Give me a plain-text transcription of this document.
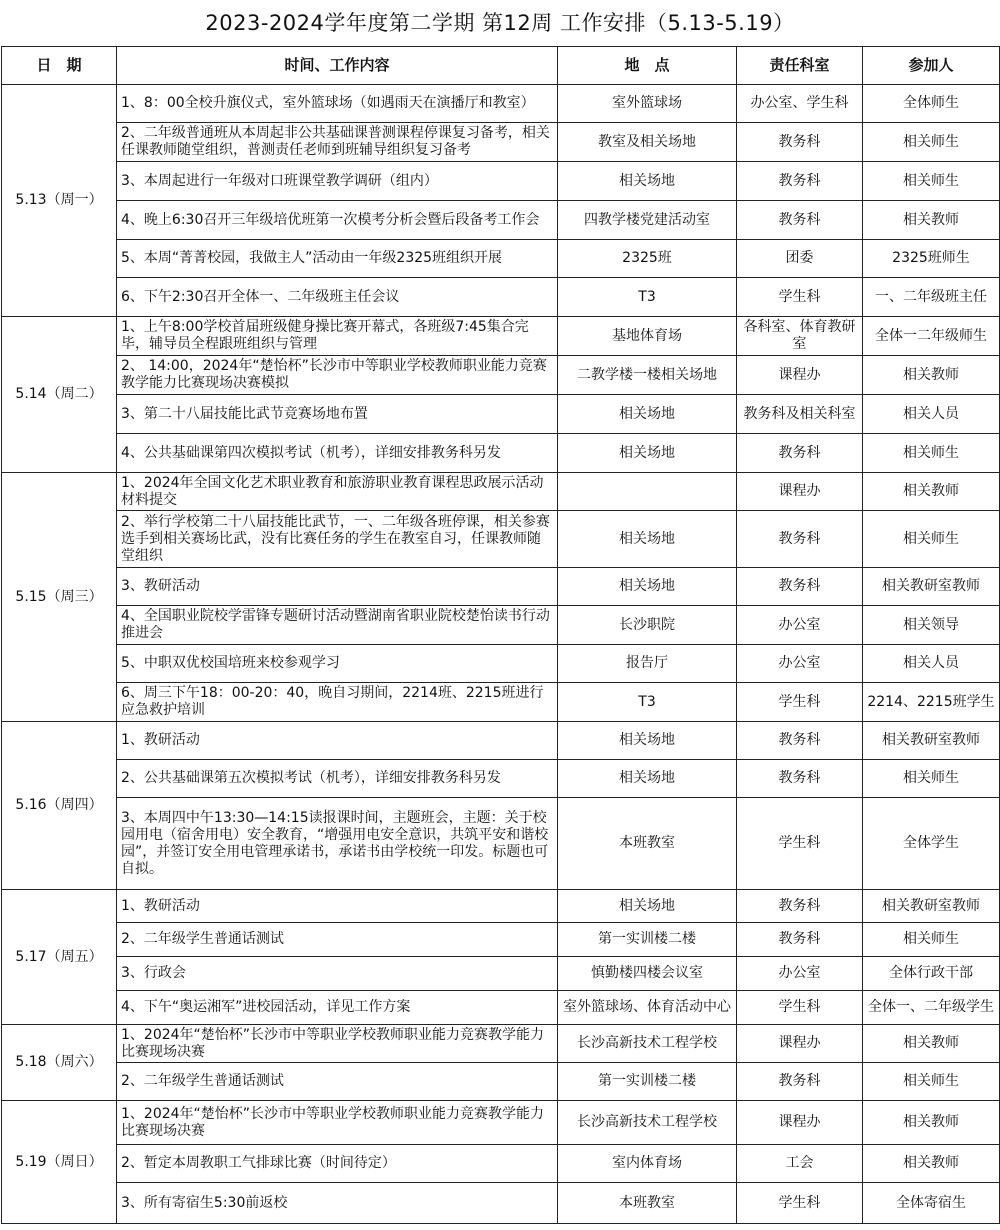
2023-2024学年度第二学期 第12周 工作安排（5.13-5.19）
日　期	时间、工作内容	地　点	责任科室	参加人
5.13（周一）	1、8：00全校升旗仪式，室外篮球场（如遇雨天在演播厅和教室）	室外篮球场	办公室、学生科	全体师生
	2、二年级普通班从本周起非公共基础课普测课程停课复习备考，相关任课教师随堂组织，普测责任老师到班辅导组织复习备考	教室及相关场地	教务科	相关师生
	3、本周起进行一年级对口班课堂教学调研（组内）	相关场地	教务科	相关师生
	4、晚上6:30召开三年级培优班第一次模考分析会暨后段备考工作会	四教学楼党建活动室	教务科	相关教师
	5、本周“菁菁校园，我做主人”活动由一年级2325班组织开展	2325班	团委	2325班师生
	6、下午2:30召开全体一、二年级班主任会议	T3	学生科	一、二年级班主任
5.14（周二）	1、上午8:00学校首届班级健身操比赛开幕式，各班级7:45集合完毕，辅导员全程跟班组织与管理	基地体育场	各科室、体育教研室	全体一二年级师生
	2、 14:00，2024年“楚怡杯”长沙市中等职业学校教师职业能力竞赛教学能力比赛现场决赛模拟	二教学楼一楼相关场地	课程办	相关教师
	3、第二十八届技能比武节竞赛场地布置	相关场地	教务科及相关科室	相关人员
	4、公共基础课第四次模拟考试（机考），详细安排教务科另发	相关场地	教务科	相关师生
5.15（周三）	1、2024年全国文化艺术职业教育和旅游职业教育课程思政展示活动材料提交		课程办	相关教师
	2、举行学校第二十八届技能比武节，一、二年级各班停课，相关参赛选手到相关赛场比武，没有比赛任务的学生在教室自习，任课教师随堂组织	相关场地	教务科	相关师生
	3、教研活动	相关场地	教务科	相关教研室教师
	4、全国职业院校学雷锋专题研讨活动暨湖南省职业院校楚怡读书行动推进会	长沙职院	办公室	相关领导
	5、中职双优校国培班来校参观学习	报告厅	办公室	相关人员
	6、周三下午18：00-20：40，晚自习期间，2214班、2215班进行应急救护培训	T3	学生科	2214、2215班学生
5.16（周四）	1、教研活动	相关场地	教务科	相关教研室教师
	2、公共基础课第五次模拟考试（机考），详细安排教务科另发	相关场地	教务科	相关师生
	3、本周四中午13:30—14:15读报课时间，主题班会，主题：关于校园用电（宿舍用电）安全教育，“增强用电安全意识，共筑平安和谐校园”，并签订安全用电管理承诺书，承诺书由学校统一印发。标题也可自拟。	本班教室	学生科	全体学生
5.17（周五）	1、教研活动	相关场地	教务科	相关教研室教师
	2、二年级学生普通话测试	第一实训楼二楼	教务科	相关师生
	3、行政会	慎勤楼四楼会议室	办公室	全体行政干部
	4、下午“奥运湘军”进校园活动，详见工作方案	室外篮球场、体育活动中心	学生科	全体一、二年级学生
5.18（周六）	1、2024年“楚怡杯”长沙市中等职业学校教师职业能力竞赛教学能力比赛现场决赛	长沙高新技术工程学校	课程办	相关教师
	2、二年级学生普通话测试	第一实训楼二楼	教务科	相关师生
5.19（周日）	1、2024年“楚怡杯”长沙市中等职业学校教师职业能力竞赛教学能力比赛现场决赛	长沙高新技术工程学校	课程办	相关教师
	2、暂定本周教职工气排球比赛（时间待定）	室内体育场	工会	相关教师
	3、所有寄宿生5:30前返校	本班教室	学生科	全体寄宿生
